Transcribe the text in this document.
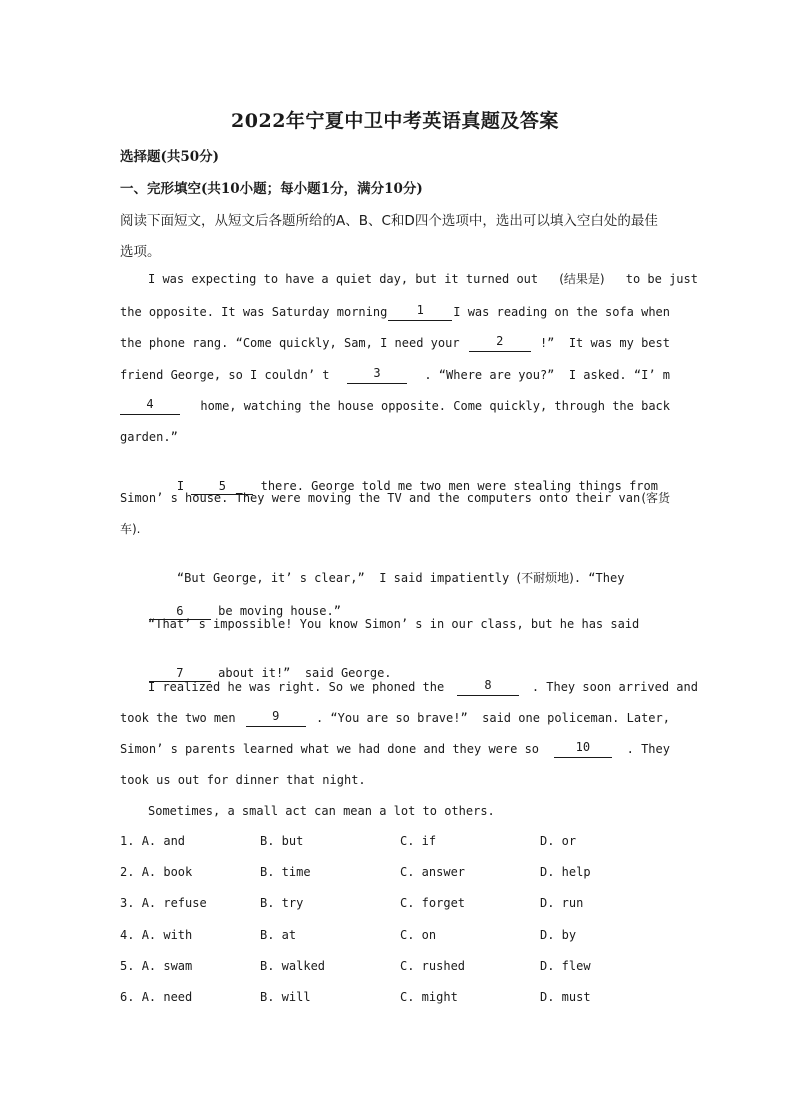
2022年宁夏中卫中考英语真题及答案
选择题(共50分)
一、完形填空(共10小题；每小题1分，满分10分)
阅读下面短文，从短文后各题所给的A、B、C和D四个选项中，选出可以填入空白处的最佳选项。
I was expecting to have a quiet day, but it turned out (结果是) to be just
the opposite. It was Saturday morning	1	I was reading on the sofa when
the phone rang. “Come quickly, Sam, I need your	2	!”  It was my best
friend George, so I couldn’ t	3	. “Where are you?”  I asked. “I’ m
4	home, watching the house opposite. Come quickly, through the back
garden.”

I	5	there. George told me two men were stealing things from

Simon’ s house. They were moving the TV and the computers onto their van (客货
车).

“But George, it’ s clear,”  I said impatiently (不耐烦地). “They

6	be moving house.”

“That’ s impossible! You know Simon’ s in our class, but he has said

7	about it!”  said George.

I realized he was right. So we phoned the	8	. They soon arrived and
took the two men	9	. “You are so brave!”  said one policeman. Later,
Simon’ s parents learned what we had done and they were so	10	. They
took us out for dinner that night.
Sometimes, a small act can mean a lot to others.
1. A. and	B. but	C. if	D. or
2. A. book	B. time	C. answer	D. help
3. A. refuse	B. try	C. forget	D. run
4. A. with	B. at	C. on	D. by
5. A. swam	B. walked	C. rushed	D. flew
6. A. need	B. will	C. might	D. must
